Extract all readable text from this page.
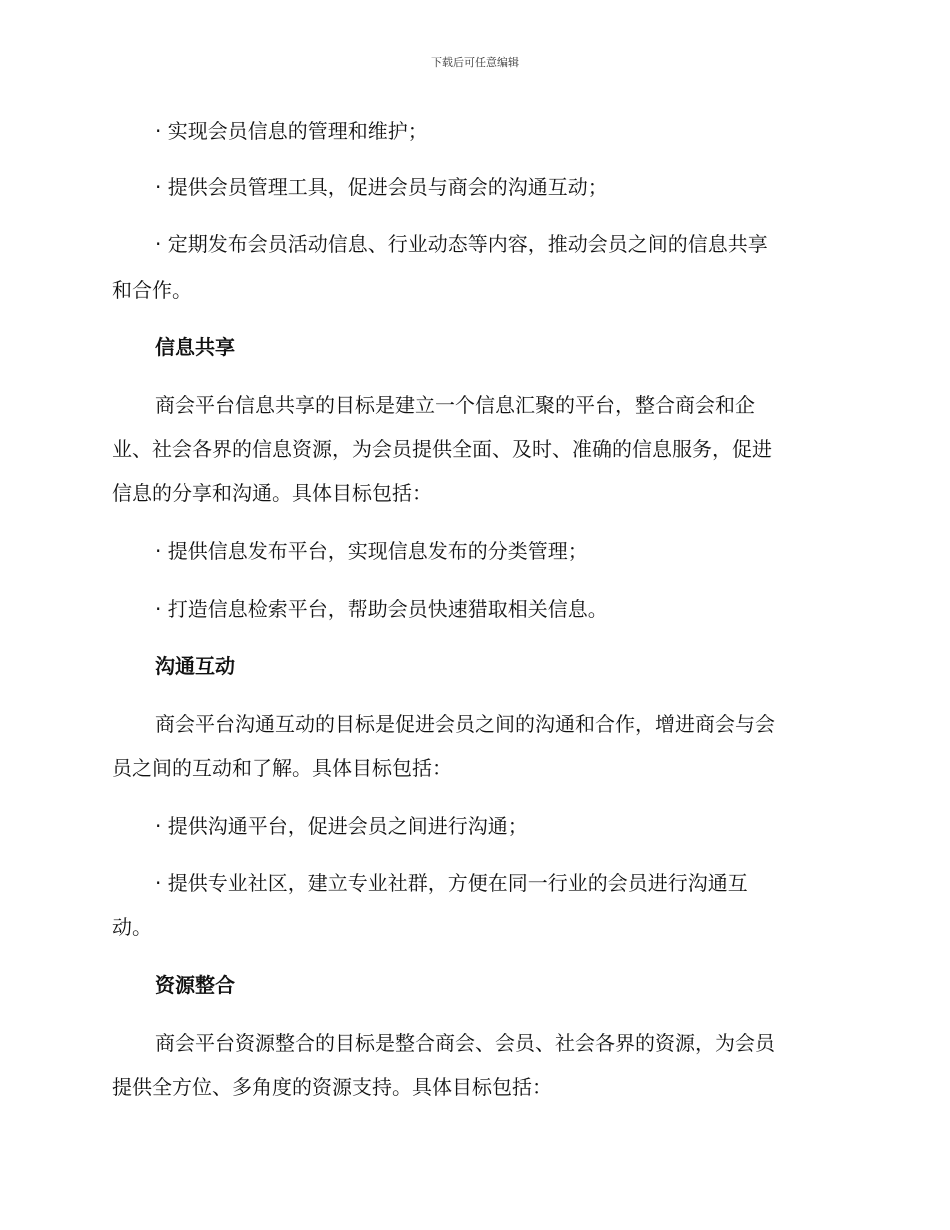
下载后可任意编辑
· 实现会员信息的管理和维护；
· 提供会员管理工具，促进会员与商会的沟通互动；
· 定期发布会员活动信息、行业动态等内容，推动会员之间的信息共享
和合作。
信息共享
商会平台信息共享的目标是建立一个信息汇聚的平台，整合商会和企
业、社会各界的信息资源，为会员提供全面、及时、准确的信息服务，促进
信息的分享和沟通。具体目标包括：
· 提供信息发布平台，实现信息发布的分类管理；
· 打造信息检索平台，帮助会员快速猎取相关信息。
沟通互动
商会平台沟通互动的目标是促进会员之间的沟通和合作，增进商会与会
员之间的互动和了解。具体目标包括：
· 提供沟通平台，促进会员之间进行沟通；
· 提供专业社区，建立专业社群，方便在同一行业的会员进行沟通互
动。
资源整合
商会平台资源整合的目标是整合商会、会员、社会各界的资源，为会员
提供全方位、多角度的资源支持。具体目标包括：
